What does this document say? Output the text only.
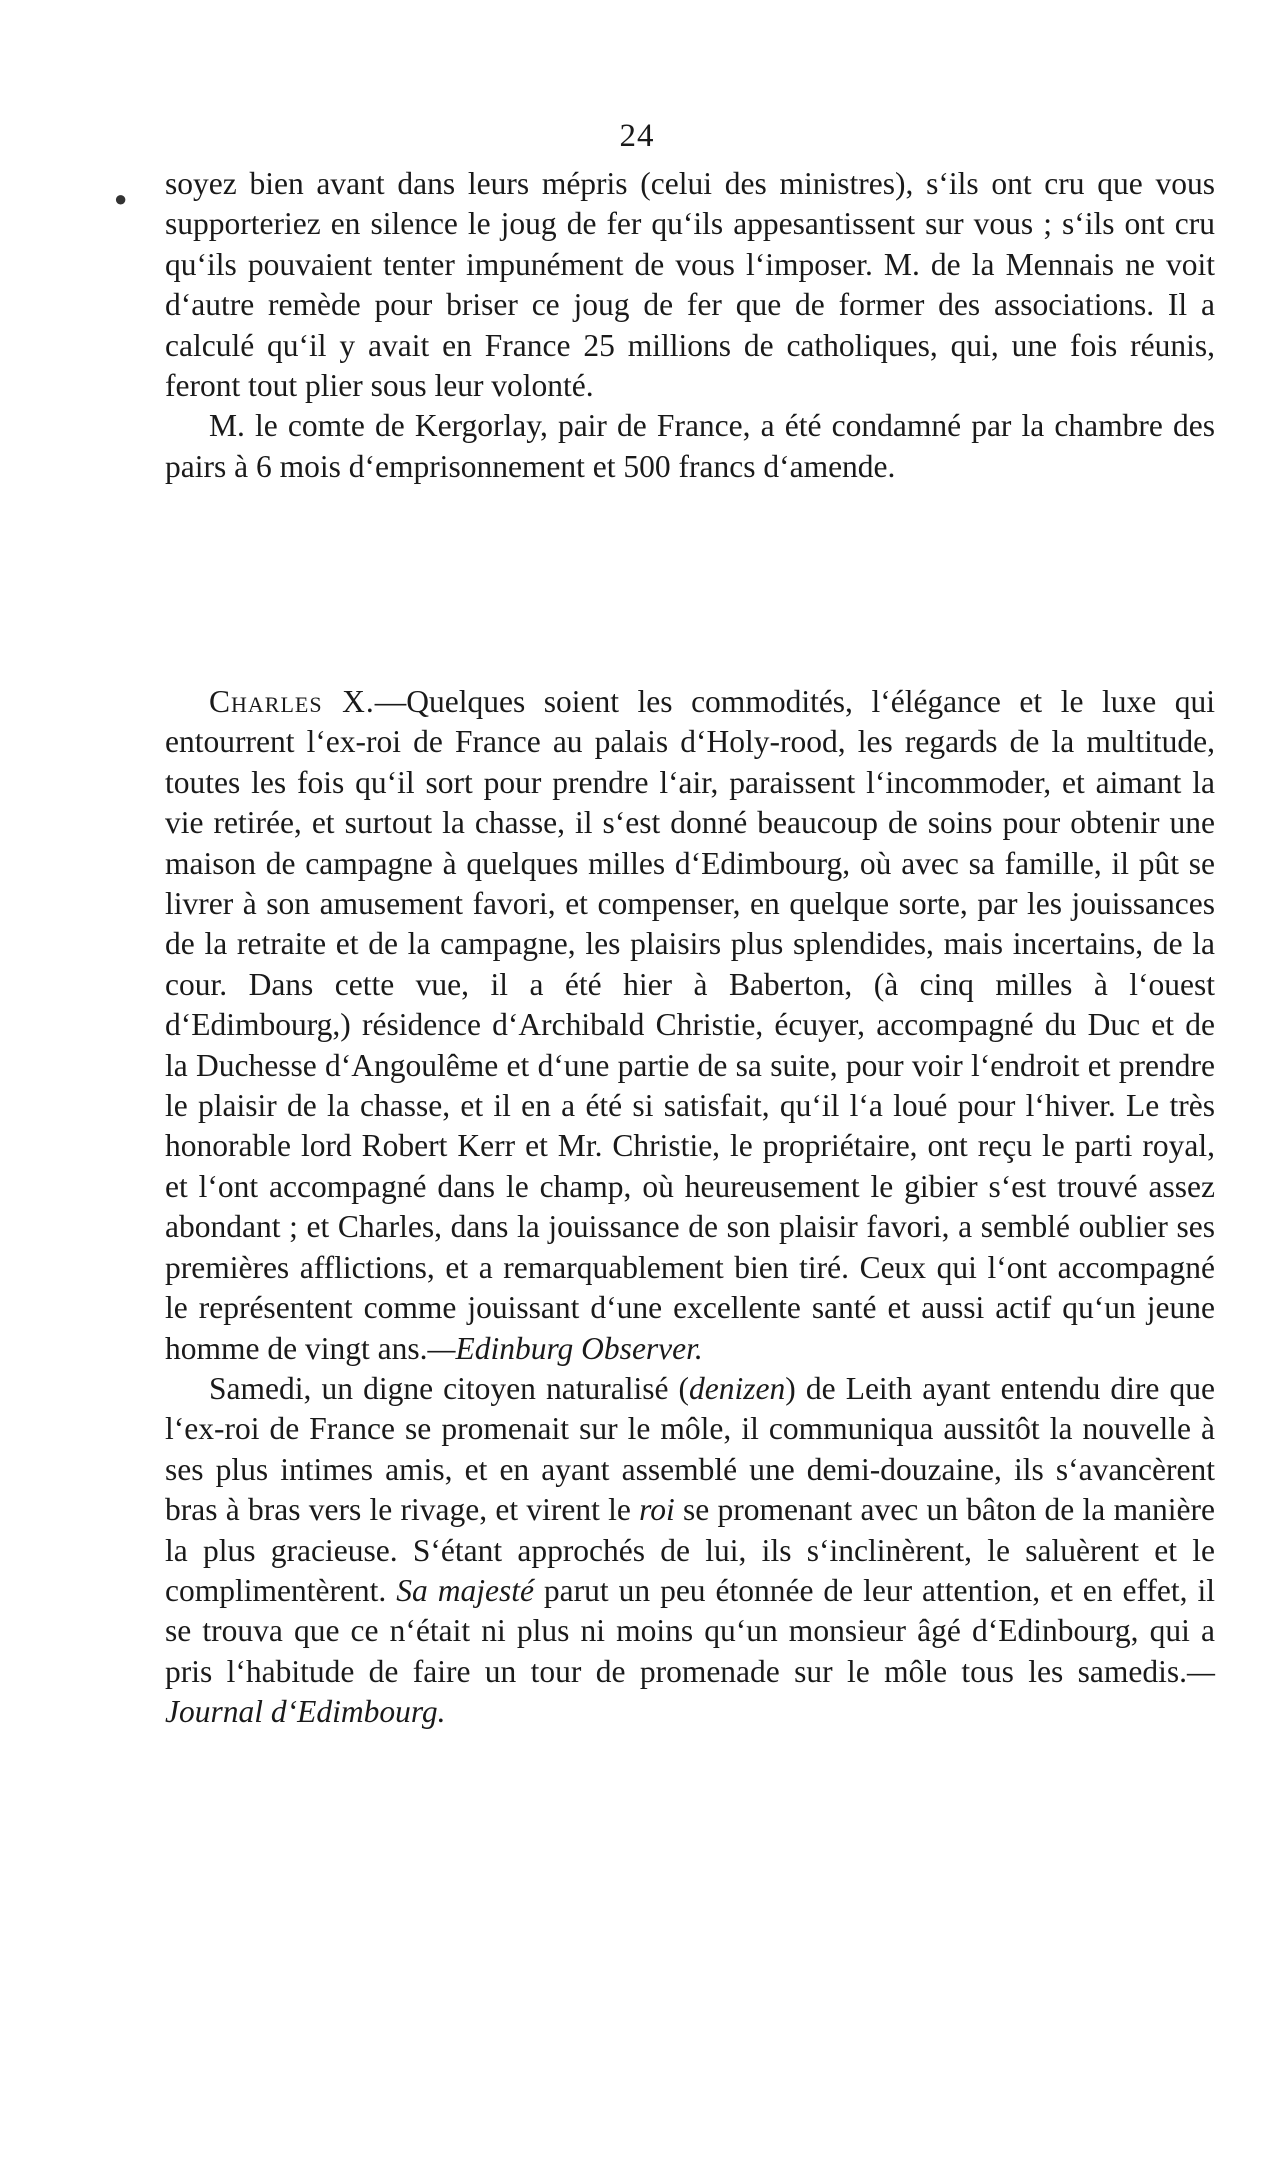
24
● soyez bien avant dans leurs mépris (celui des ministres), s‘ils ont cru que vous supporteriez en silence le joug de fer qu‘ils appesantissent sur vous ; s‘ils ont cru qu‘ils pouvaient tenter impunément de vous l‘imposer. M. de la Mennais ne voit d‘autre remède pour briser ce joug de fer que de former des associations. Il a calculé qu‘il y avait en France 25 millions de catholiques, qui, une fois réunis, feront tout plier sous leur volonté.

M. le comte de Kergorlay, pair de France, a été condamné par la chambre des pairs à 6 mois d‘emprisonnement et 500 francs d‘amende.

Charles X.—Quelques soient les commodités, l‘élégance et le luxe qui entourrent l‘ex-roi de France au palais d‘Holy-rood, les regards de la multitude, toutes les fois qu‘il sort pour prendre l‘air, paraissent l‘incommoder, et aimant la vie retirée, et surtout la chasse, il s‘est donné beaucoup de soins pour obtenir une maison de campagne à quelques milles d‘Edimbourg, où avec sa famille, il pût se livrer à son amusement favori, et compenser, en quelque sorte, par les jouissances de la retraite et de la campagne, les plaisirs plus splendides, mais incertains, de la cour. Dans cette vue, il a été hier à Baberton, (à cinq milles à l‘ouest d‘Edimbourg,) résidence d‘Archibald Christie, écuyer, accompagné du Duc et de la Duchesse d‘Angoulême et d‘une partie de sa suite, pour voir l‘endroit et prendre le plaisir de la chasse, et il en a été si satisfait, qu‘il l‘a loué pour l‘hiver. Le très honorable lord Robert Kerr et Mr. Christie, le propriétaire, ont reçu le parti royal, et l‘ont accompagné dans le champ, où heureusement le gibier s‘est trouvé assez abondant ; et Charles, dans la jouissance de son plaisir favori, a semblé oublier ses premières afflictions, et a remarquablement bien tiré. Ceux qui l‘ont accompagné le représentent comme jouissant d‘une excellente santé et aussi actif qu‘un jeune homme de vingt ans.—Edinburg Observer.

Samedi, un digne citoyen naturalisé (denizen) de Leith ayant entendu dire que l‘ex-roi de France se promenait sur le môle, il communiqua aussitôt la nouvelle à ses plus intimes amis, et en ayant assemblé une demi-douzaine, ils s‘avancèrent bras à bras vers le rivage, et virent le roi se promenant avec un bâton de la manière la plus gracieuse. S‘étant approchés de lui, ils s‘inclinèrent, le saluèrent et le complimentèrent. Sa majesté parut un peu étonnée de leur attention, et en effet, il se trouva que ce n‘était ni plus ni moins qu‘un monsieur âgé d‘Edinbourg, qui a pris l‘habitude de faire un tour de promenade sur le môle tous les samedis.—Journal d‘Edimbourg.
